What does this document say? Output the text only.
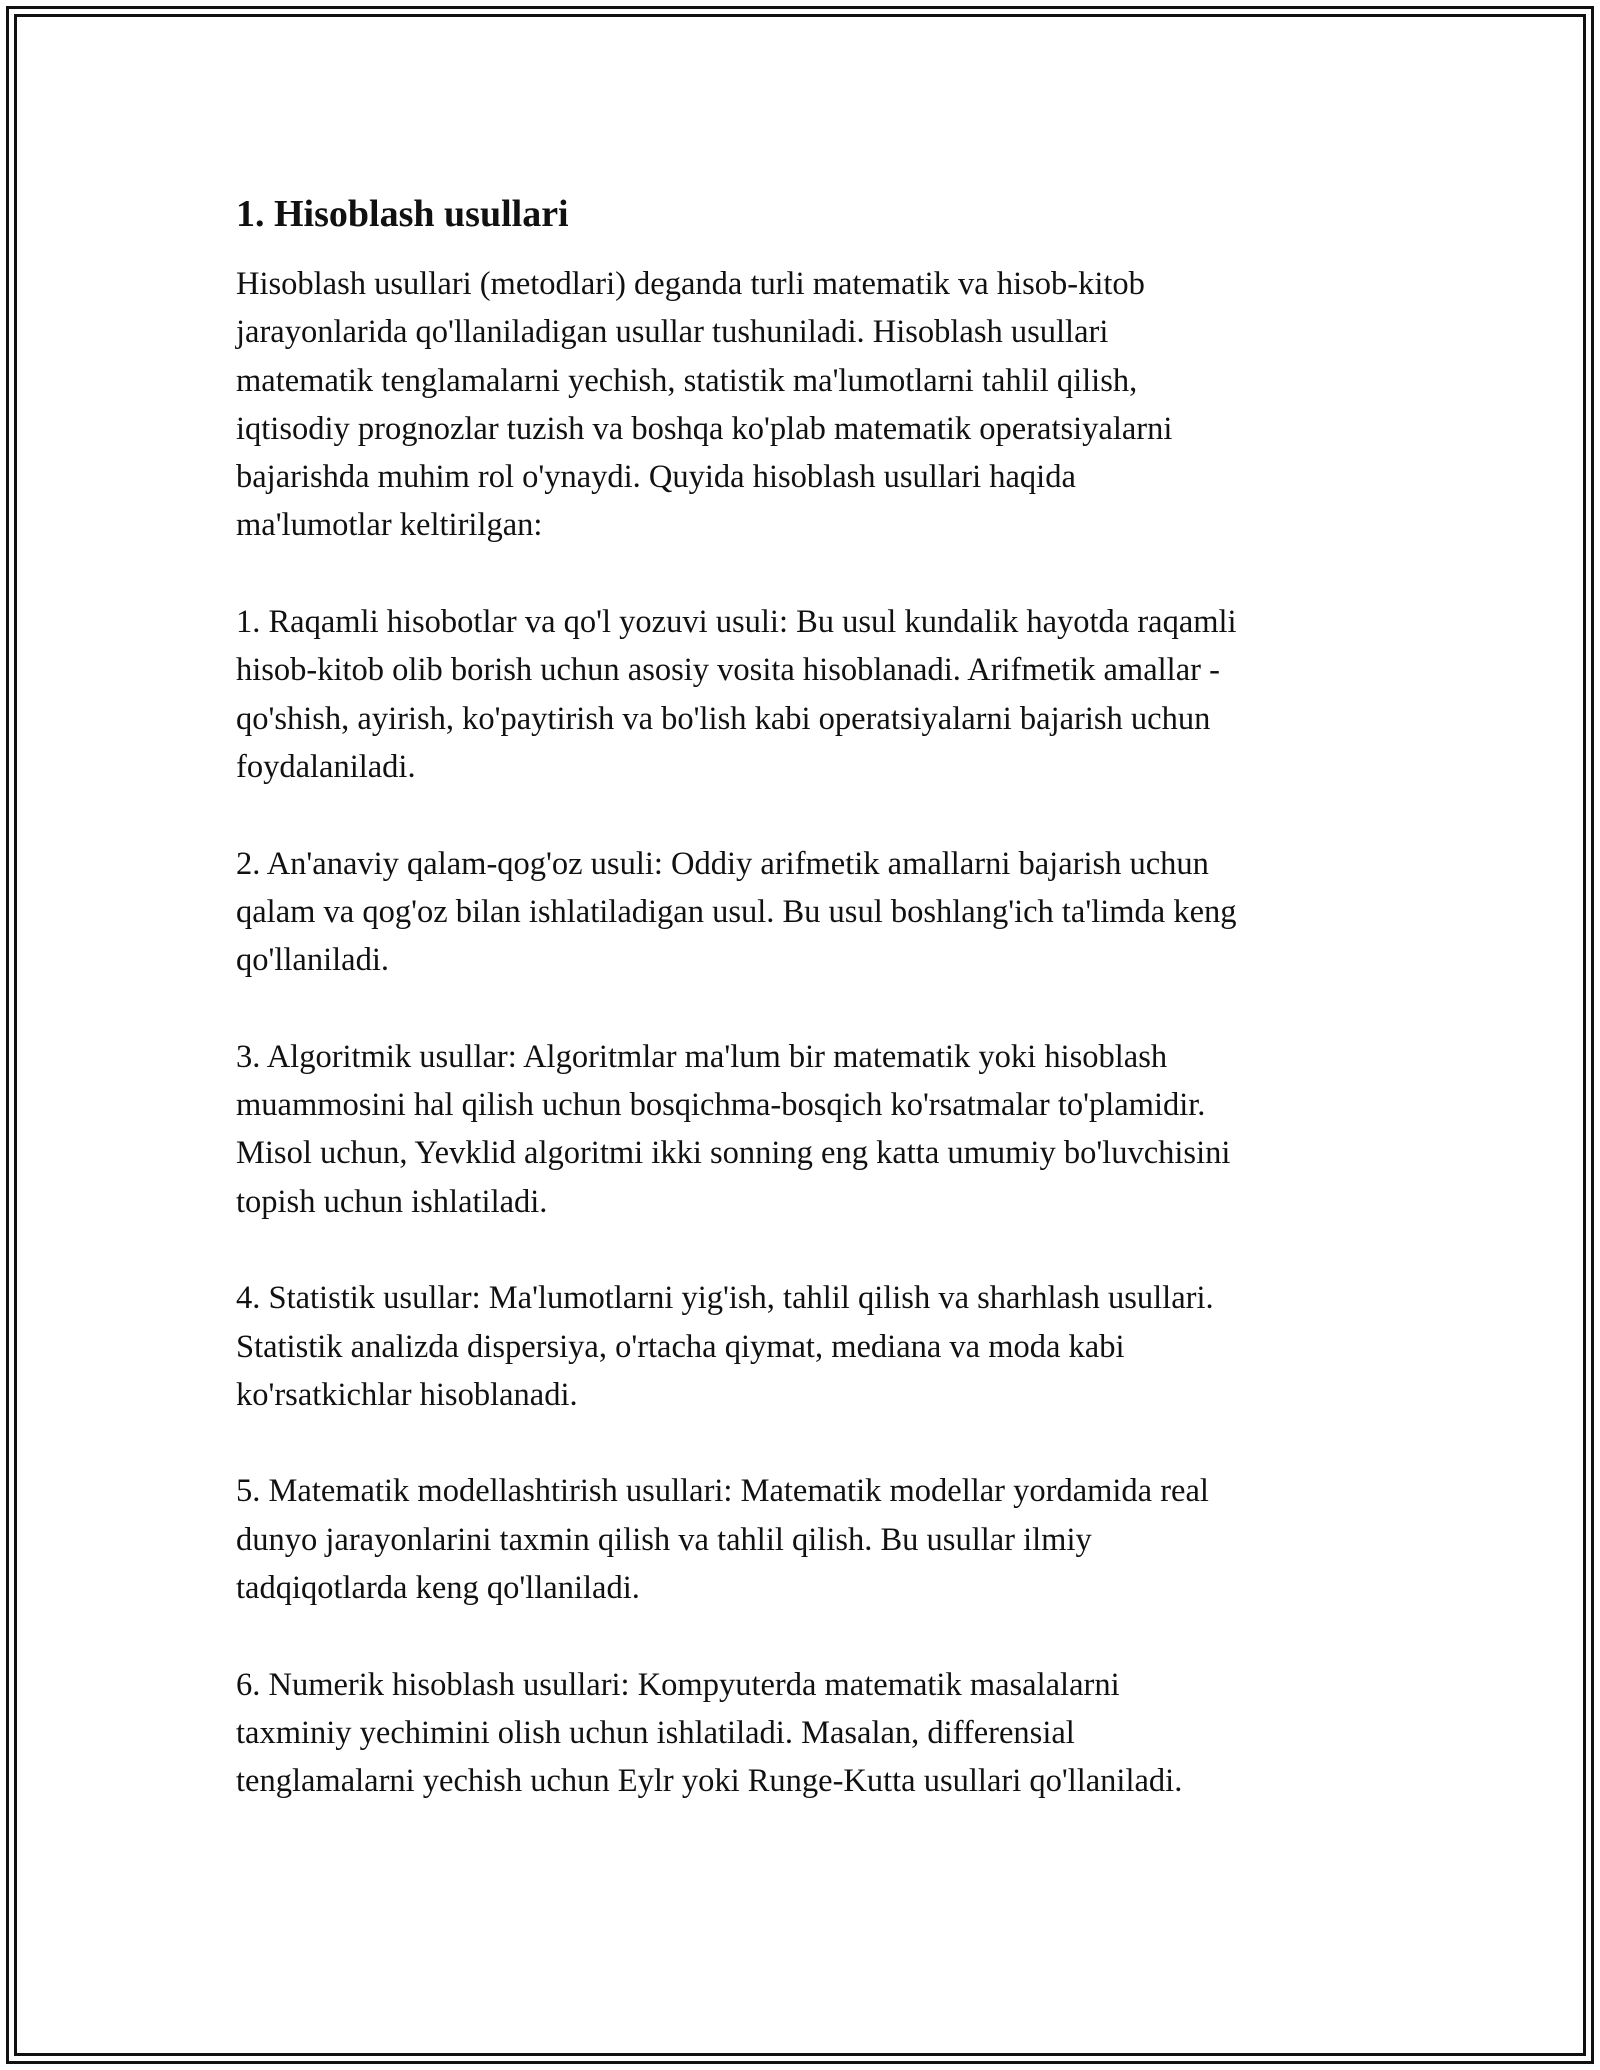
1. Hisoblash usullari

Hisoblash usullari (metodlari) deganda turli matematik va hisob-kitob
jarayonlarida qo'llaniladigan usullar tushuniladi. Hisoblash usullari
matematik tenglamalarni yechish, statistik ma'lumotlarni tahlil qilish,
iqtisodiy prognozlar tuzish va boshqa ko'plab matematik operatsiyalarni
bajarishda muhim rol o'ynaydi. Quyida hisoblash usullari haqida
ma'lumotlar keltirilgan:

1. Raqamli hisobotlar va qo'l yozuvi usuli: Bu usul kundalik hayotda raqamli
hisob-kitob olib borish uchun asosiy vosita hisoblanadi. Arifmetik amallar -
qo'shish, ayirish, ko'paytirish va bo'lish kabi operatsiyalarni bajarish uchun
foydalaniladi.

2. An'anaviy qalam-qog'oz usuli: Oddiy arifmetik amallarni bajarish uchun
qalam va qog'oz bilan ishlatiladigan usul. Bu usul boshlang'ich ta'limda keng
qo'llaniladi.

3. Algoritmik usullar: Algoritmlar ma'lum bir matematik yoki hisoblash
muammosini hal qilish uchun bosqichma-bosqich ko'rsatmalar to'plamidir.
Misol uchun, Yevklid algoritmi ikki sonning eng katta umumiy bo'luvchisini
topish uchun ishlatiladi.

4. Statistik usullar: Ma'lumotlarni yig'ish, tahlil qilish va sharhlash usullari.
Statistik analizda dispersiya, o'rtacha qiymat, mediana va moda kabi
ko'rsatkichlar hisoblanadi.

5. Matematik modellashtirish usullari: Matematik modellar yordamida real
dunyo jarayonlarini taxmin qilish va tahlil qilish. Bu usullar ilmiy
tadqiqotlarda keng qo'llaniladi.

6. Numerik hisoblash usullari: Kompyuterda matematik masalalarni
taxminiy yechimini olish uchun ishlatiladi. Masalan, differensial
tenglamalarni yechish uchun Eylr yoki Runge-Kutta usullari qo'llaniladi.
